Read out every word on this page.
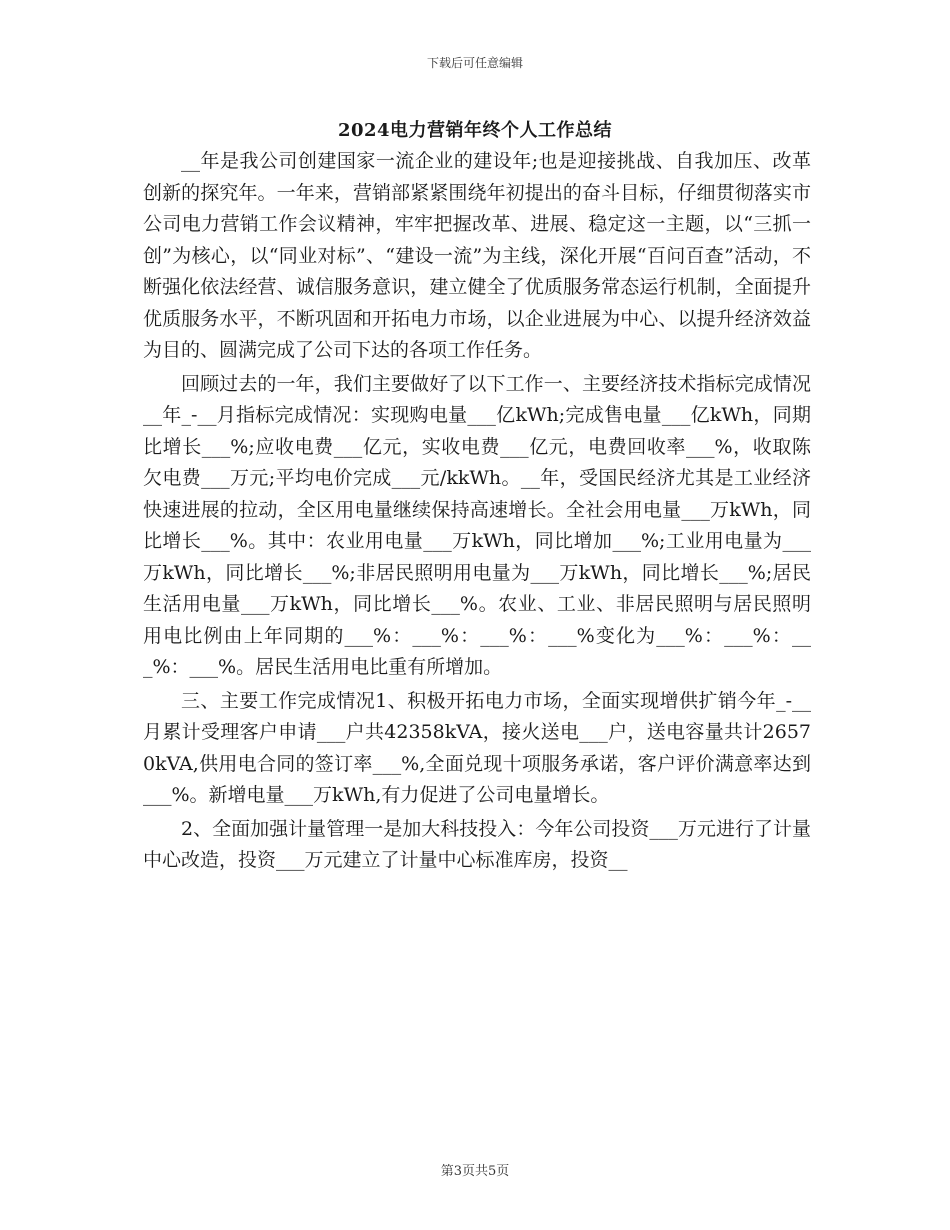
下载后可任意编辑
2024电力营销年终个人工作总结

__年是我公司创建国家一流企业的建设年;也是迎接挑战、自我加压、改革创新的探究年。一年来，营销部紧紧围绕年初提出的奋斗目标，仔细贯彻落实市公司电力营销工作会议精神，牢牢把握改革、进展、稳定这一主题，以“三抓一创”为核心，以“同业对标”、“建设一流”为主线，深化开展“百问百查”活动，不断强化依法经营、诚信服务意识，建立健全了优质服务常态运行机制，全面提升优质服务水平，不断巩固和开拓电力市场，以企业进展为中心、以提升经济效益为目的、圆满完成了公司下达的各项工作任务。

回顾过去的一年，我们主要做好了以下工作一、主要经济技术指标完成情况__年_-__月指标完成情况：实现购电量___亿kWh;完成售电量___亿kWh，同期比增长___%;应收电费___亿元，实收电费___亿元，电费回收率___%，收取陈欠电费___万元;平均电价完成___元/kkWh。__年，受国民经济尤其是工业经济快速进展的拉动，全区用电量继续保持高速增长。全社会用电量___万kWh，同比增长___%。其中：农业用电量___万kWh，同比增加___%;工业用电量为___万kWh，同比增长___%;非居民照明用电量为___万kWh，同比增长___%;居民生活用电量___万kWh，同比增长___%。农业、工业、非居民照明与居民照明用电比例由上年同期的___%：___%：___%：___%变化为___%：___%：___%：___%。居民生活用电比重有所增加。

三、主要工作完成情况1、积极开拓电力市场，全面实现增供扩销今年_-__月累计受理客户申请___户共42358kVA，接火送电___户，送电容量共计26570kVA,供用电合同的签订率___%,全面兑现十项服务承诺，客户评价满意率达到___%。新增电量___万kWh,有力促进了公司电量增长。

2、全面加强计量管理一是加大科技投入：今年公司投资___万元进行了计量中心改造，投资___万元建立了计量中心标准库房，投资__

第3页共5页
